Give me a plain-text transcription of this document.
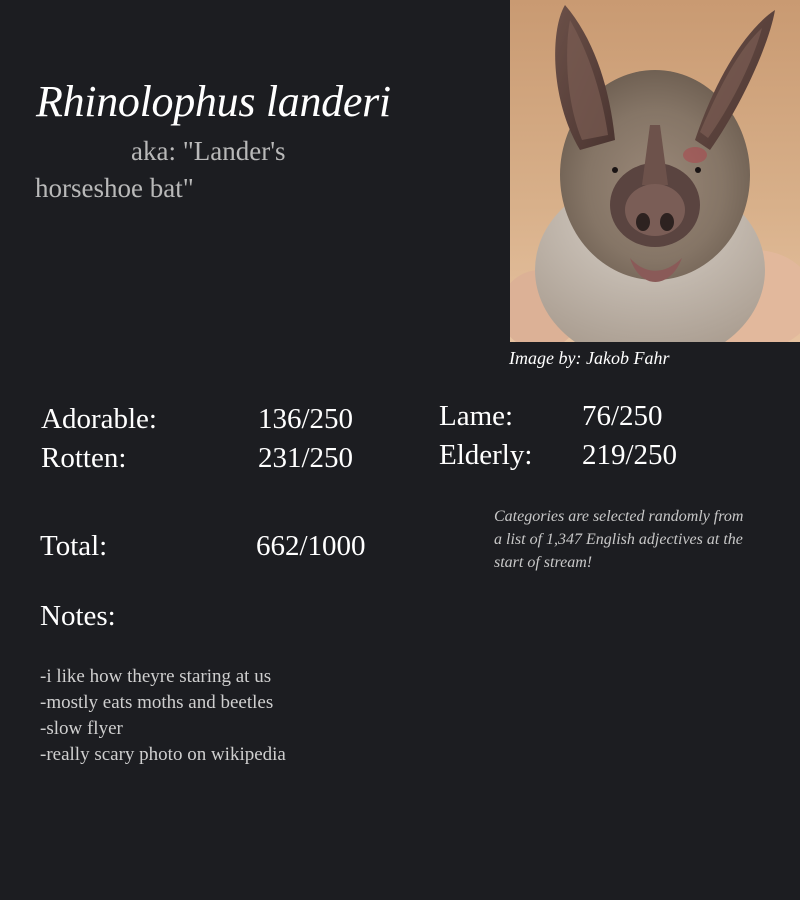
Rhinolophus landeri
aka: "Lander's
horseshoe bat"
Image by: Jakob Fahr
Adorable:	136/250
Rotten:	231/250
Lame: 76/250
Elderly: 219/250
Total:	662/1000
Categories are selected randomly from a list of 1,347 English adjectives at the start of stream!
Notes:
-i like how theyre staring at us
-mostly eats moths and beetles
-slow flyer
-really scary photo on wikipedia
